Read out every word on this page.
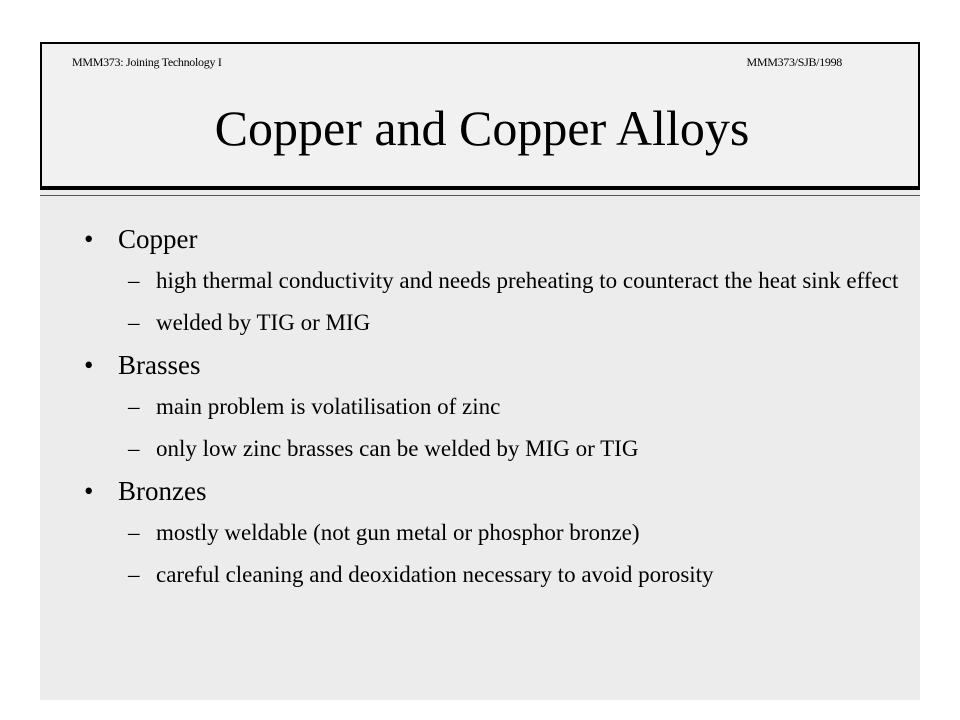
MMM373: Joining Technology I	MMM373/SJB/1998
Copper and Copper Alloys
• Copper
– high thermal conductivity and needs preheating to counteract the heat sink effect
– welded by TIG or MIG
• Brasses
– main problem is volatilisation of zinc
– only low zinc brasses can be welded by MIG or TIG
• Bronzes
– mostly weldable (not gun metal or phosphor bronze)
– careful cleaning and deoxidation necessary to avoid porosity
